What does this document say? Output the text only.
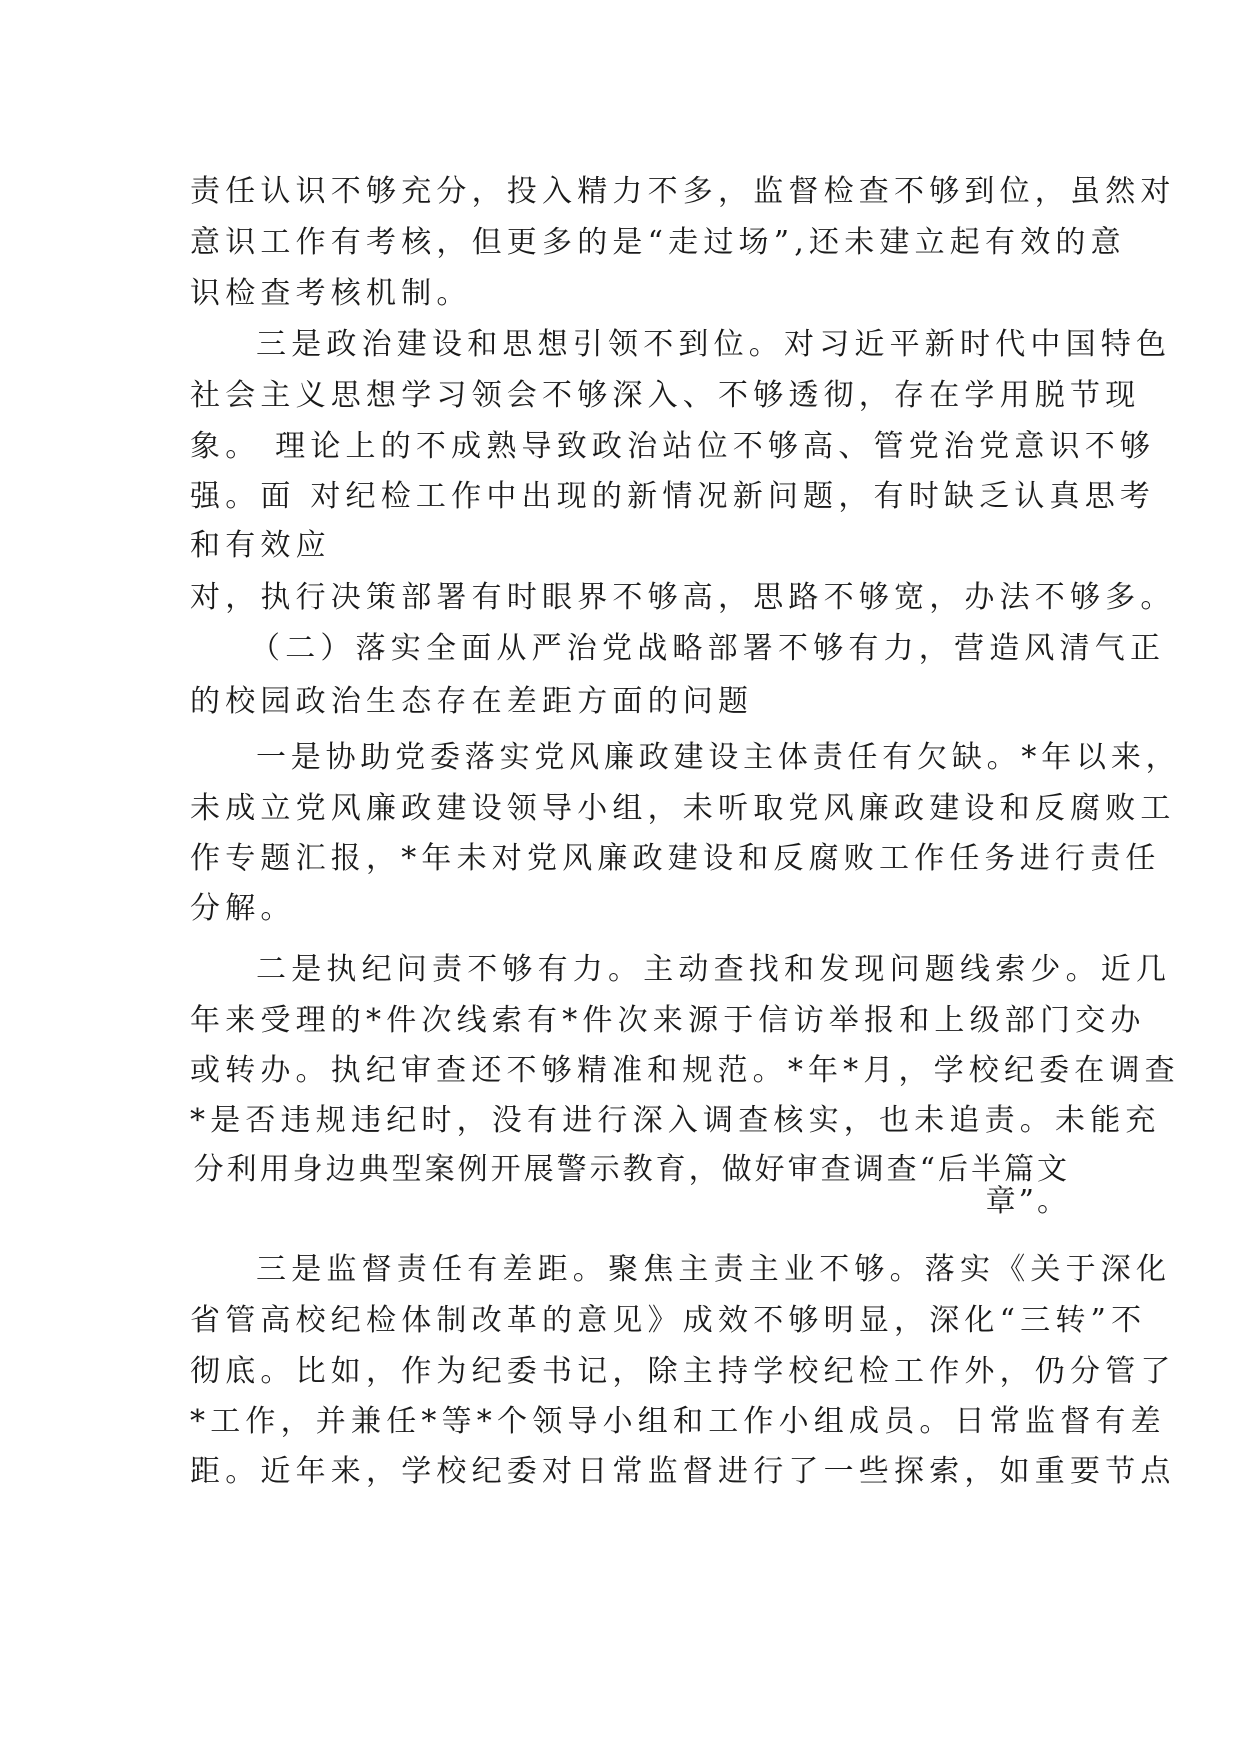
责任认识不够充分，投入精力不多，监督检查不够到位，虽然对
意识工作有考核，但更多的是“走过场”,还未建立起有效的意
识检查考核机制。
三是政治建设和思想引领不到位。对习近平新时代中国特色
社会主义思想学习领会不够深入、不够透彻，存在学用脱节现
象。 理论上的不成熟导致政治站位不够高、管党治党意识不够
强。面 对纪检工作中出现的新情况新问题，有时缺乏认真思考
和有效应
对，执行决策部署有时眼界不够高，思路不够宽，办法不够多。
（二）落实全面从严治党战略部署不够有力，营造风清气正
的校园政治生态存在差距方面的问题
一是协助党委落实党风廉政建设主体责任有欠缺。*年以来，
未成立党风廉政建设领导小组，未听取党风廉政建设和反腐败工
作专题汇报，*年未对党风廉政建设和反腐败工作任务进行责任
分解。
二是执纪问责不够有力。主动查找和发现问题线索少。近几
年来受理的*件次线索有*件次来源于信访举报和上级部门交办
或转办。执纪审查还不够精准和规范。*年*月，学校纪委在调查
*是否违规违纪时，没有进行深入调查核实，也未追责。未能充
分利用身边典型案例开展警示教育，做好审查调查“后半篇文
章”。
三是监督责任有差距。聚焦主责主业不够。落实《关于深化
省管高校纪检体制改革的意见》成效不够明显，深化“三转”不
彻底。比如，作为纪委书记，除主持学校纪检工作外，仍分管了
*工作，并兼任*等*个领导小组和工作小组成员。日常监督有差
距。近年来，学校纪委对日常监督进行了一些探索，如重要节点
